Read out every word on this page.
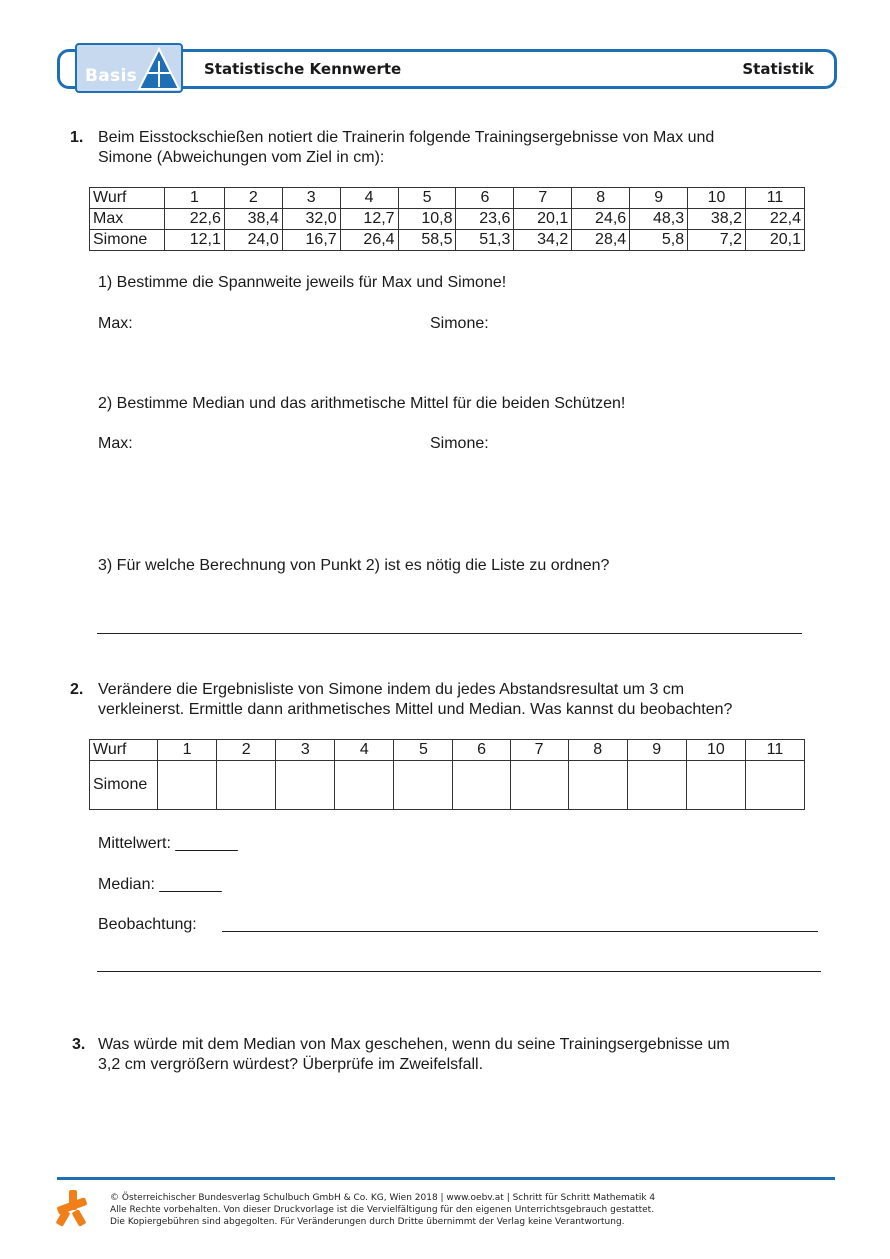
Basis	Statistische Kennwerte	Statistik
1. Beim Eisstockschießen notiert die Trainerin folgende Trainingsergebnisse von Max und
Simone (Abweichungen vom Ziel in cm):
Wurf	1	2	3	4	5	6	7	8	9	10	11
Max	22,6	38,4	32,0	12,7	10,8	23,6	20,1	24,6	48,3	38,2	22,4
Simone	12,1	24,0	16,7	26,4	58,5	51,3	34,2	28,4	5,8	7,2	20,1
1) Bestimme die Spannweite jeweils für Max und Simone!
Max:	Simone:
2) Bestimme Median und das arithmetische Mittel für die beiden Schützen!
Max:	Simone:
3) Für welche Berechnung von Punkt 2) ist es nötig die Liste zu ordnen?
2. Verändere die Ergebnisliste von Simone indem du jedes Abstandsresultat um 3 cm
verkleinerst. Ermittle dann arithmetisches Mittel und Median. Was kannst du beobachten?
Wurf	1	2	3	4	5	6	7	8	9	10	11
Simone											
Mittelwert: _______
Median: _______
Beobachtung:
3. Was würde mit dem Median von Max geschehen, wenn du seine Trainingsergebnisse um
3,2 cm vergrößern würdest? Überprüfe im Zweifelsfall.
© Österreichischer Bundesverlag Schulbuch GmbH & Co. KG, Wien 2018 | www.oebv.at | Schritt für Schritt Mathematik 4
Alle Rechte vorbehalten. Von dieser Druckvorlage ist die Vervielfältigung für den eigenen Unterrichtsgebrauch gestattet.
Die Kopiergebühren sind abgegolten. Für Veränderungen durch Dritte übernimmt der Verlag keine Verantwortung.
